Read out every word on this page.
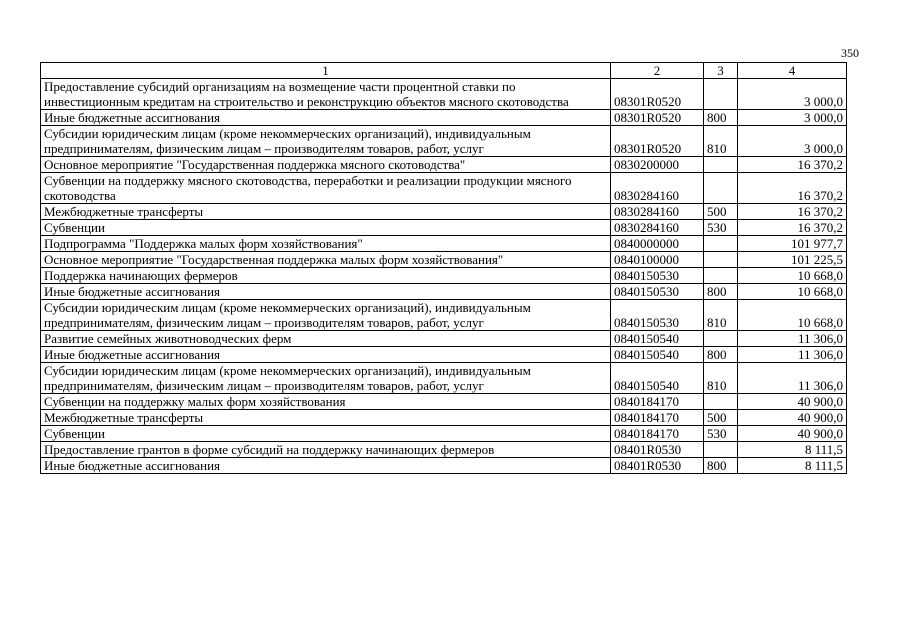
350
1	2	3	4
Предоставление субсидий организациям на возмещение части процентной ставки по инвестиционным кредитам на строительство и реконструкцию объектов мясного скотоводства	08301R0520		3 000,0
Иные бюджетные ассигнования	08301R0520	800	3 000,0
Субсидии юридическим лицам (кроме некоммерческих организаций), индивидуальным предпринимателям, физическим лицам – производителям товаров, работ, услуг	08301R0520	810	3 000,0
Основное мероприятие "Государственная поддержка мясного скотоводства"	0830200000		16 370,2
Субвенции на поддержку мясного скотоводства, переработки и реализации продукции мясного скотоводства	0830284160		16 370,2
Межбюджетные трансферты	0830284160	500	16 370,2
Субвенции	0830284160	530	16 370,2
Подпрограмма "Поддержка малых форм хозяйствования"	0840000000		101 977,7
Основное мероприятие "Государственная поддержка малых форм хозяйствования"	0840100000		101 225,5
Поддержка начинающих фермеров	0840150530		10 668,0
Иные бюджетные ассигнования	0840150530	800	10 668,0
Субсидии юридическим лицам (кроме некоммерческих организаций), индивидуальным предпринимателям, физическим лицам – производителям товаров, работ, услуг	0840150530	810	10 668,0
Развитие семейных животноводческих ферм	0840150540		11 306,0
Иные бюджетные ассигнования	0840150540	800	11 306,0
Субсидии юридическим лицам (кроме некоммерческих организаций), индивидуальным предпринимателям, физическим лицам – производителям товаров, работ, услуг	0840150540	810	11 306,0
Субвенции на поддержку малых форм хозяйствования	0840184170		40 900,0
Межбюджетные трансферты	0840184170	500	40 900,0
Субвенции	0840184170	530	40 900,0
Предоставление грантов в форме субсидий на поддержку начинающих фермеров	08401R0530		8 111,5
Иные бюджетные ассигнования	08401R0530	800	8 111,5
